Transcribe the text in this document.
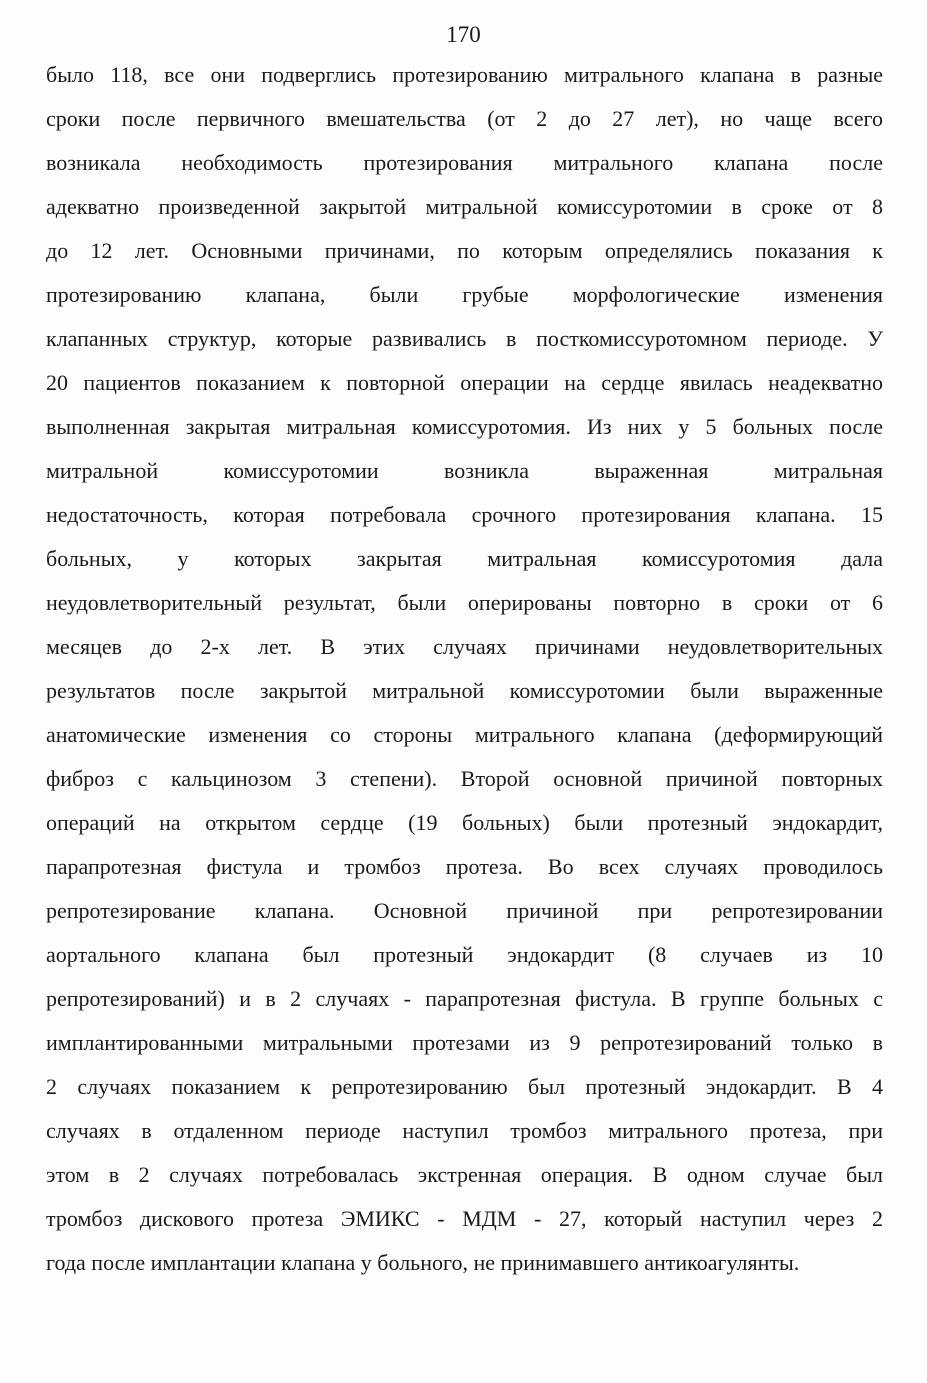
170
было 118, все они подверглись протезированию митрального клапана в разные
сроки после первичного вмешательства (от 2 до 27 лет), но чаще всего
возникала необходимость протезирования митрального клапана после
адекватно произведенной закрытой митральной комиссуротомии в сроке от 8
до 12 лет. Основными причинами, по которым определялись показания к
протезированию клапана, были грубые морфологические изменения
клапанных структур, которые развивались в посткомиссуротомном периоде. У
20 пациентов показанием к повторной операции на сердце явилась неадекватно
выполненная закрытая митральная комиссуротомия. Из них у 5 больных после
митральной комиссуротомии возникла выраженная митральная
недостаточность, которая потребовала срочного протезирования клапана. 15
больных, у которых закрытая митральная комиссуротомия дала
неудовлетворительный результат, были оперированы повторно в сроки от 6
месяцев до 2-х лет. В этих случаях причинами неудовлетворительных
результатов после закрытой митральной комиссуротомии были выраженные
анатомические изменения со стороны митрального клапана (деформирующий
фиброз с кальцинозом 3 степени). Второй основной причиной повторных
операций на открытом сердце (19 больных) были протезный эндокардит,
парапротезная фистула и тромбоз протеза. Во всех случаях проводилось
репротезирование клапана. Основной причиной при репротезировании
аортального клапана был протезный эндокардит (8 случаев из 10
репротезирований) и в 2 случаях - парапротезная фистула. В группе больных с
имплантированными митральными протезами из 9 репротезирований только в
2 случаях показанием к репротезированию был протезный эндокардит. В 4
случаях в отдаленном периоде наступил тромбоз митрального протеза, при
этом в 2 случаях потребовалась экстренная операция. В одном случае был
тромбоз дискового протеза ЭМИКС - МДМ - 27, который наступил через 2
года после имплантации клапана у больного, не принимавшего антикоагулянты.
